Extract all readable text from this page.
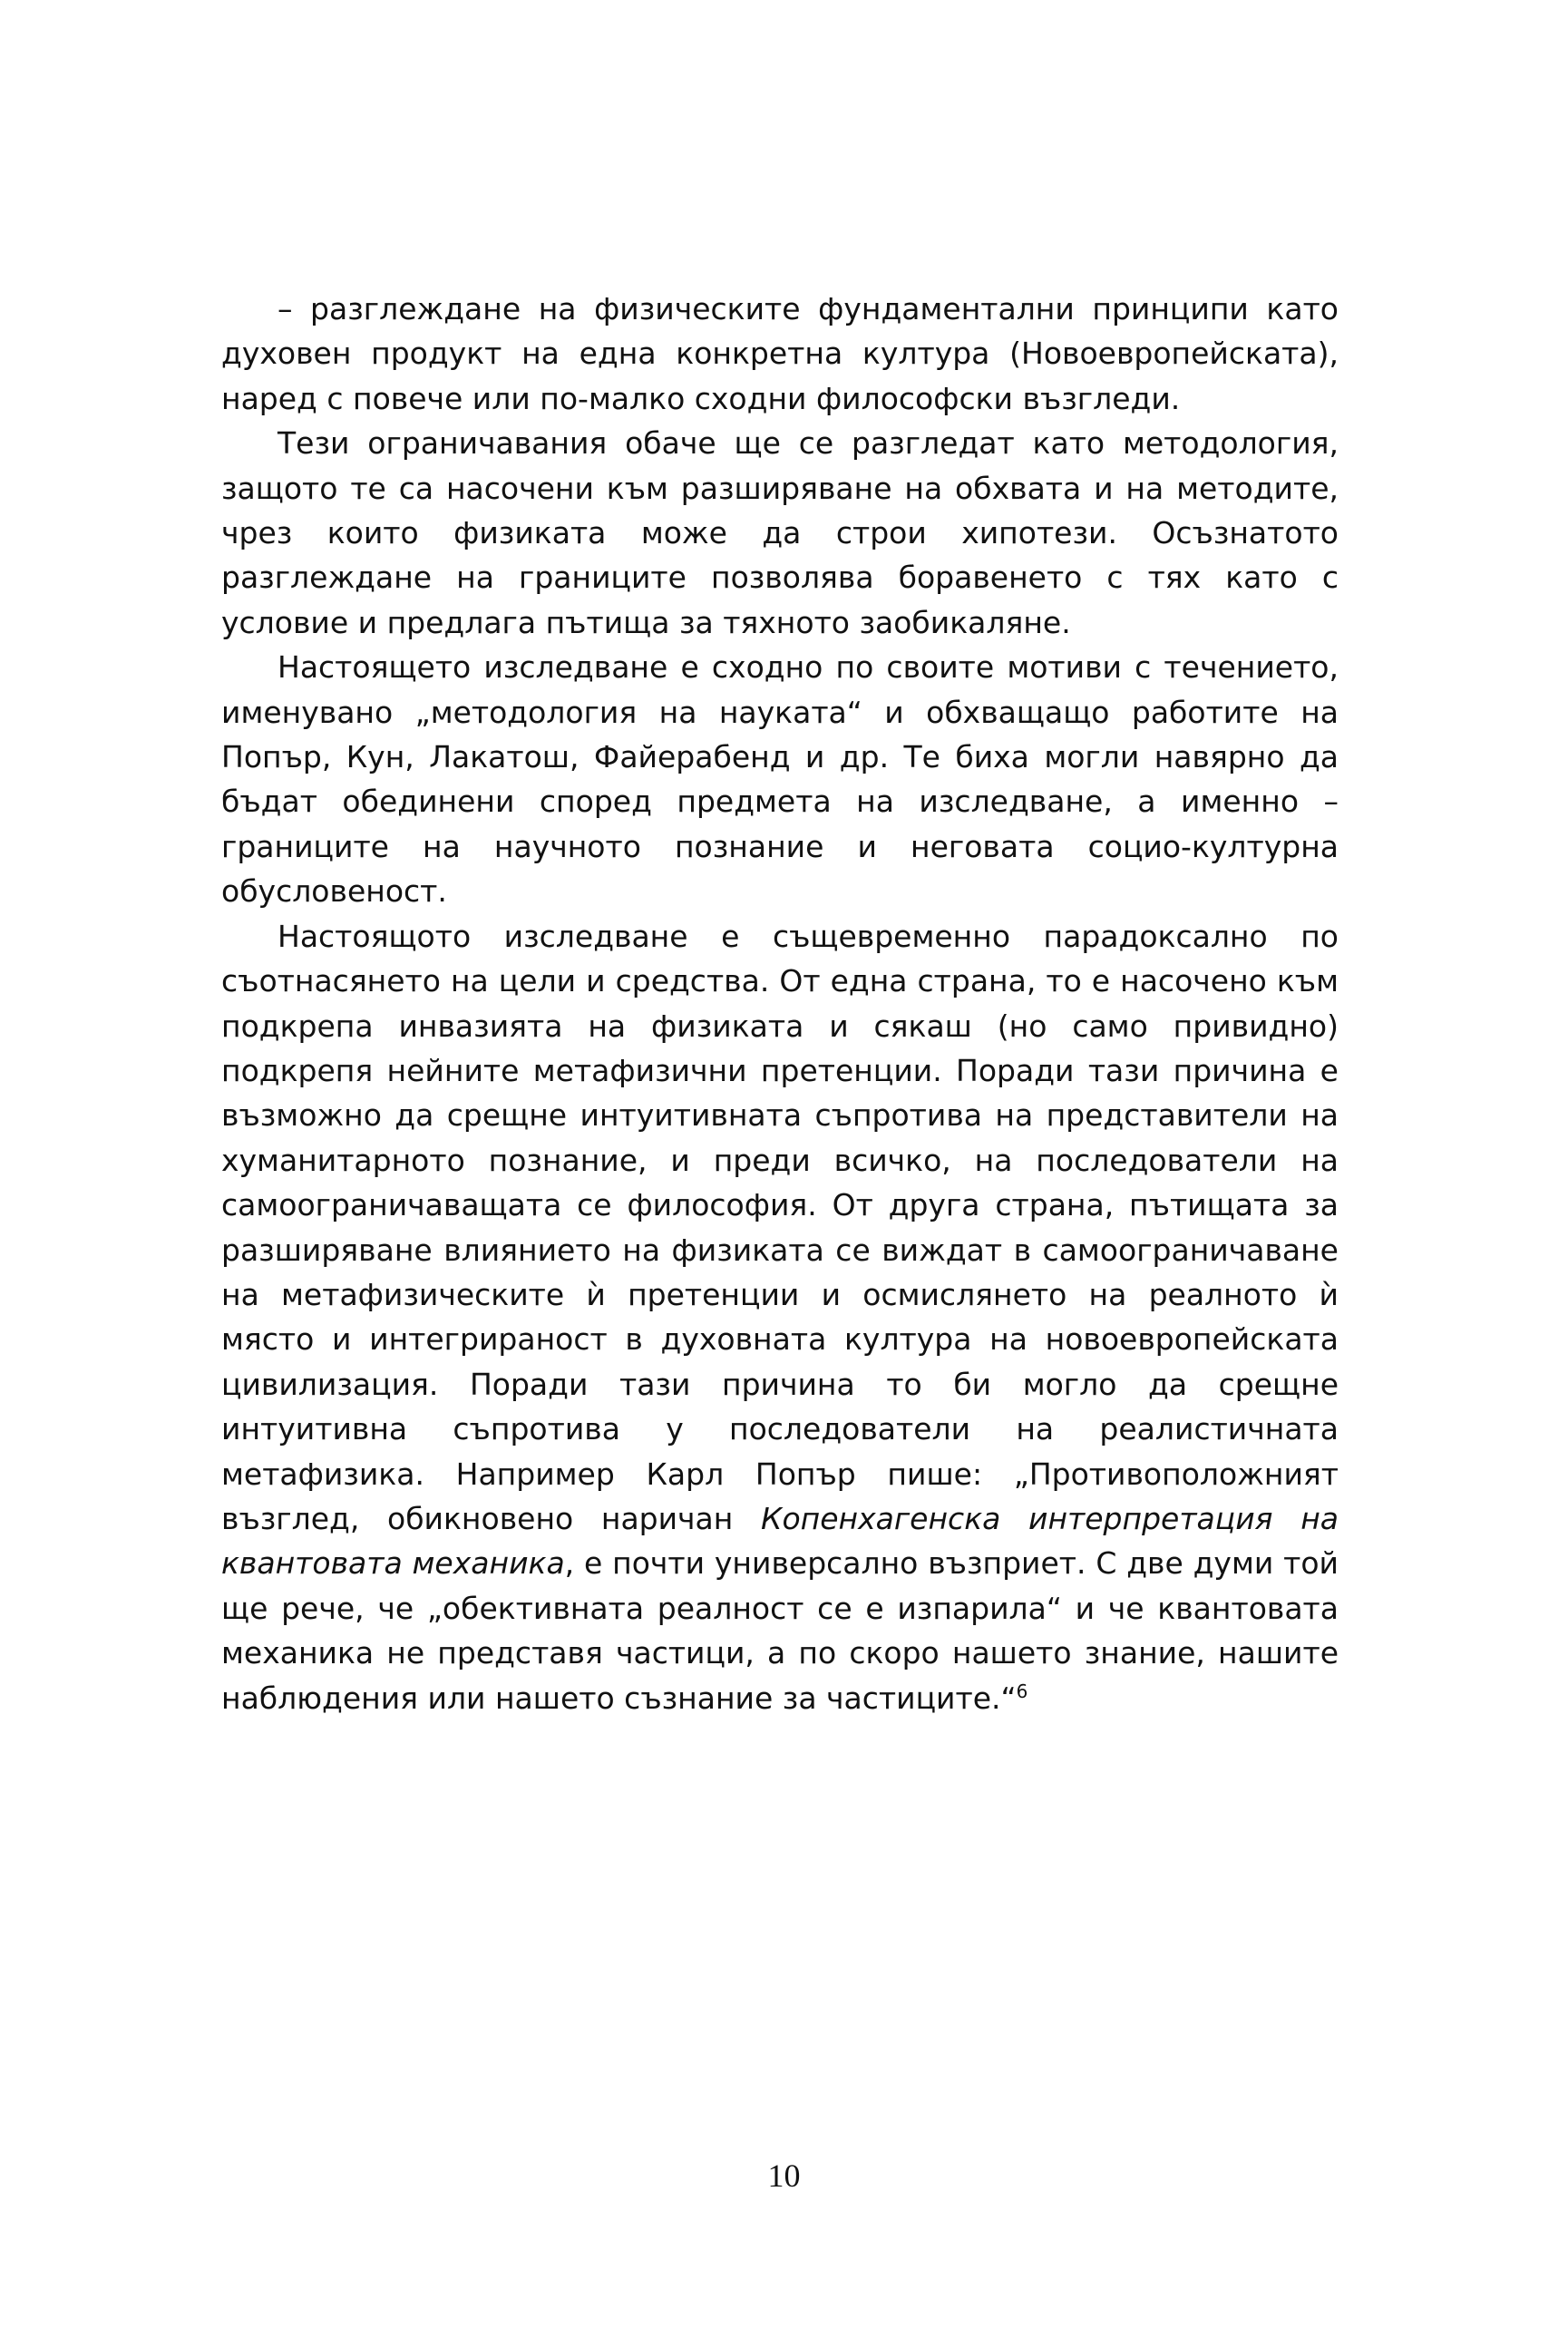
– разглеждане на физическите фундаментални принципи като духовен продукт на една конкретна култура (Новоевропейската), наред с повече или по-малко сходни философски възгледи.

Тези ограничавания обаче ще се разгледат като методология, защото те са насочени към разширяване на обхвата и на методите, чрез които физиката може да строи хипотези. Осъзнатото разглеждане на границите позволява боравенето с тях като с условие и предлага пътища за тяхното заобикаляне.

Настоящето изследване е сходно по своите мотиви с течението, именувано „методология на науката“ и обхващащо работите на Попър, Кун, Лакатош, Файерабенд и др. Те биха могли навярно да бъдат обединени според предмета на изследване, а именно – границите на научното познание и неговата социо-културна обусловеност.

Настоящото изследване е същевременно парадоксално по съотнасянето на цели и средства. От една страна, то е насочено към подкрепа инвазията на физиката и сякаш (но само привидно) подкрепя нейните метафизични претенции. Поради тази причина е възможно да срещне интуитивната съпротива на представители на хуманитарното познание, и преди всичко, на последователи на самоограничаващата се философия. От друга страна, пътищата за разширяване влиянието на физиката се виждат в самоограничаване на метафизическите ѝ претенции и осмислянето на реалното ѝ място и интегрираност в духовната култура на новоевропейската цивилизация. Поради тази причина то би могло да срещне интуитивна съпротива у последователи на реалистичната метафизика. Например Карл Попър пише: „Противоположният възглед, обикновено наричан Копенхагенска интерпретация на квантовата механика, е почти универсално възприет. С две думи той ще рече, че „обективната реалност се е изпарила“ и че квантовата механика не представя частици, а по скоро нашето знание, нашите наблюдения или нашето съзнание за частиците.“$^6$

10
